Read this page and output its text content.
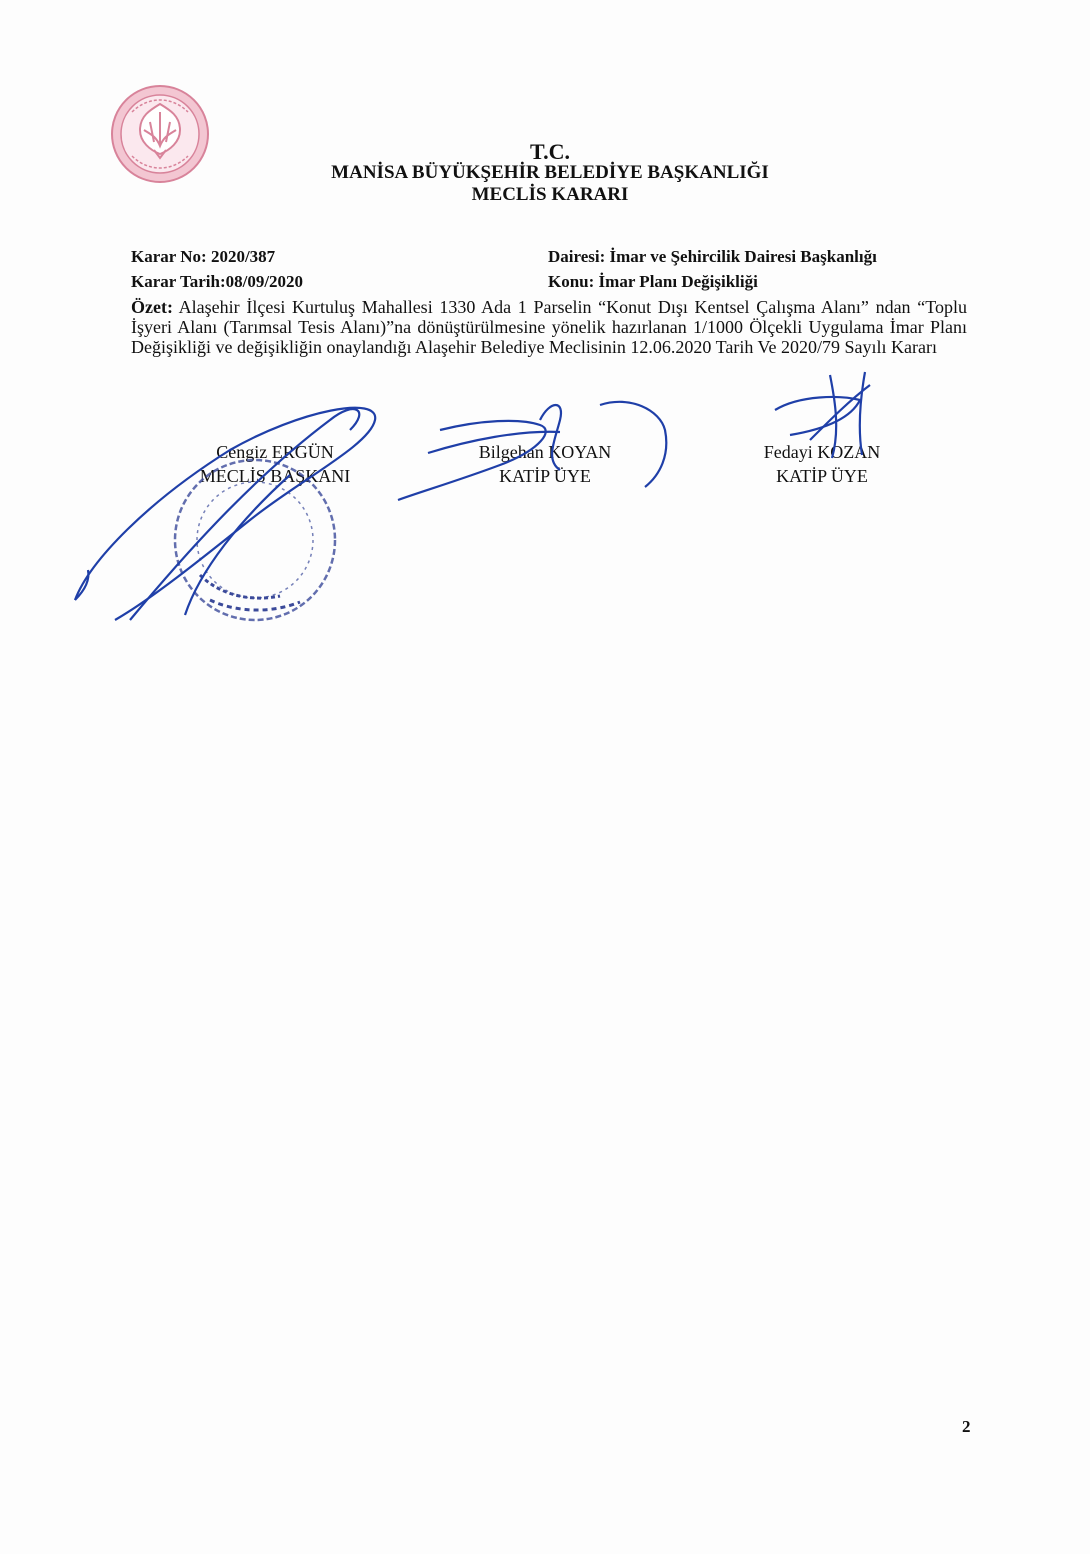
T.C.
MANİSA BÜYÜKŞEHİR BELEDİYE BAŞKANLIĞI
MECLİS KARARI
Karar No: 2020/387
Karar Tarih:08/09/2020
Dairesi: İmar ve Şehircilik Dairesi Başkanlığı
Konu: İmar Planı Değişikliği
Özet: Alaşehir İlçesi Kurtuluş Mahallesi 1330 Ada 1 Parselin “Konut Dışı Kentsel Çalışma Alanı” ndan “Toplu İşyeri Alanı (Tarımsal Tesis Alanı)”na dönüştürülmesine yönelik hazırlanan 1/1000 Ölçekli Uygulama İmar Planı Değişikliği ve değişikliğin onaylandığı Alaşehir Belediye Meclisinin 12.06.2020 Tarih Ve 2020/79 Sayılı Kararı
Cengiz ERGÜN
MECLİS BAŞKANI
Bilgehan KOYAN
KATİP ÜYE
Fedayi KOZAN
KATİP ÜYE
2
